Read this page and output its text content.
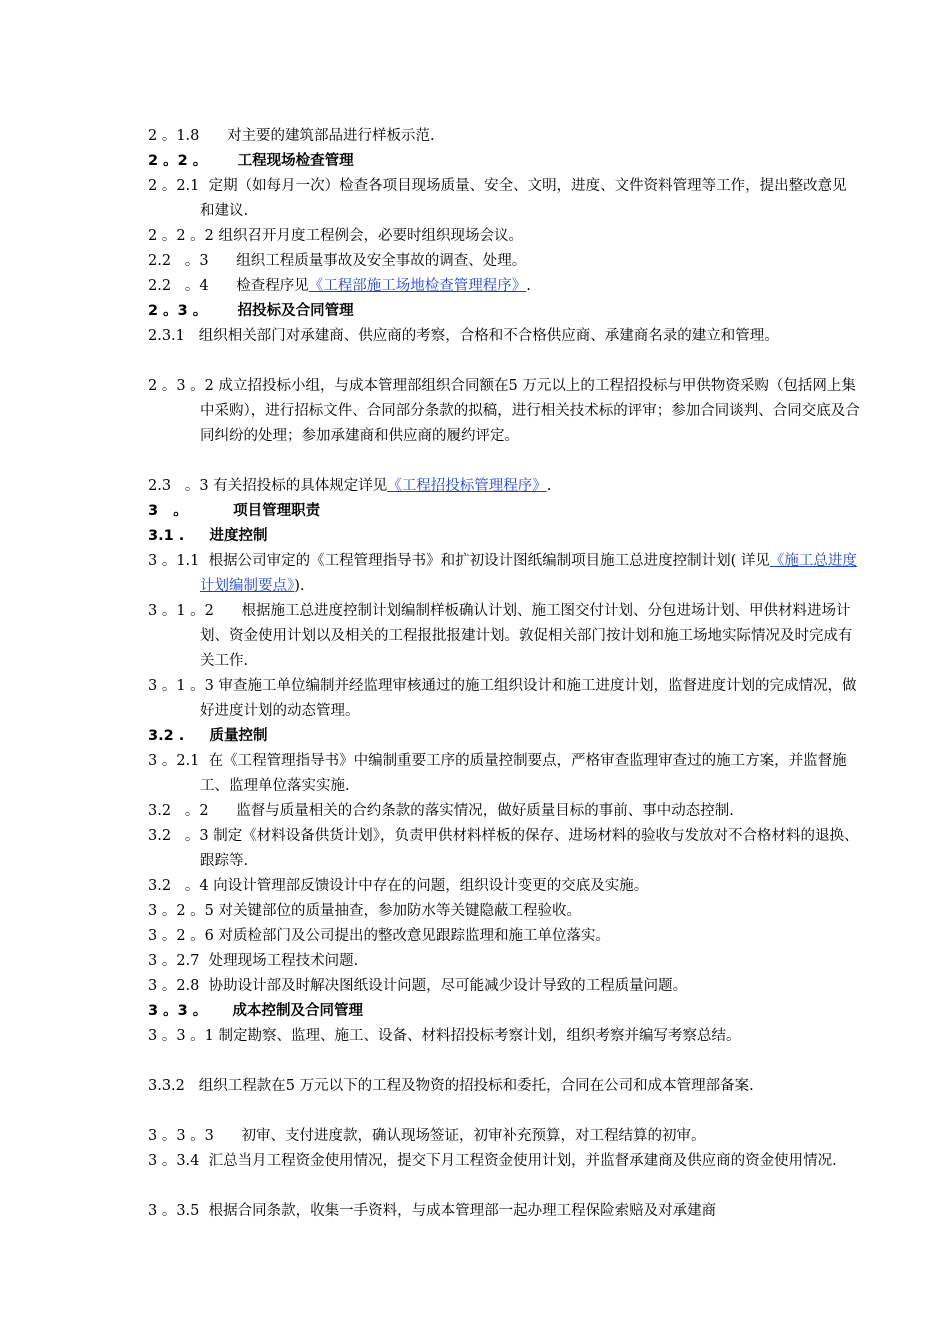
2 。1.8      对主要的建筑部品进行样板示范.
2 。2 。      工程现场检查管理
2 。2.1  定期（如每月一次）检查各项目现场质量、安全、文明，进度、文件资料管理等工作，提出整改意见和建议.
2 。2 。2 组织召开月度工程例会，必要时组织现场会议。
2.2   。3      组织工程质量事故及安全事故的调查、处理。
2.2   。4      检查程序见《工程部施工场地检查管理程序》.
2 。3 。      招投标及合同管理
2.3.1   组织相关部门对承建商、供应商的考察，合格和不合格供应商、承建商名录的建立和管理。
2 。3 。2 成立招投标小组，与成本管理部组织合同额在5 万元以上的工程招投标与甲供物资采购（包括网上集中采购），进行招标文件、合同部分条款的拟稿，进行相关技术标的评审；参加合同谈判、合同交底及合同纠纷的处理；参加承建商和供应商的履约评定。
2.3   。3 有关招投标的具体规定详见《工程招投标管理程序》.
3   。         项目管理职责
3.1 .     进度控制
3 。1.1  根据公司审定的《工程管理指导书》和扩初设计图纸编制项目施工总进度控制计划( 详见《施工总进度计划编制要点》).
3 。1 。2      根据施工总进度控制计划编制样板确认计划、施工图交付计划、分包进场计划、甲供材料进场计划、资金使用计划以及相关的工程报批报建计划。敦促相关部门按计划和施工场地实际情况及时完成有关工作.
3 。1 。3 审查施工单位编制并经监理审核通过的施工组织设计和施工进度计划，监督进度计划的完成情况，做好进度计划的动态管理。
3.2 .     质量控制
3 。2.1  在《工程管理指导书》中编制重要工序的质量控制要点，严格审查监理审查过的施工方案，并监督施工、监理单位落实实施.
3.2   。2      监督与质量相关的合约条款的落实情况，做好质量目标的事前、事中动态控制.
3.2   。3 制定《材料设备供货计划》，负责甲供材料样板的保存、进场材料的验收与发放对不合格材料的退换、跟踪等.
3.2   。4 向设计管理部反馈设计中存在的问题，组织设计变更的交底及实施。
3 。2 。5 对关键部位的质量抽查，参加防水等关键隐蔽工程验收。
3 。2 。6 对质检部门及公司提出的整改意见跟踪监理和施工单位落实。
3 。2.7  处理现场工程技术问题.
3 。2.8  协助设计部及时解决图纸设计问题，尽可能减少设计导致的工程质量问题。
3 。3 。     成本控制及合同管理
3 。3 。1 制定勘察、监理、施工、设备、材料招投标考察计划，组织考察并编写考察总结。
3.3.2   组织工程款在5 万元以下的工程及物资的招投标和委托，合同在公司和成本管理部备案.
3 。3 。3      初审、支付进度款，确认现场签证，初审补充预算，对工程结算的初审。
3 。3.4  汇总当月工程资金使用情况，提交下月工程资金使用计划，并监督承建商及供应商的资金使用情况.
3 。3.5  根据合同条款，收集一手资料，与成本管理部一起办理工程保险索赔及对承建商
